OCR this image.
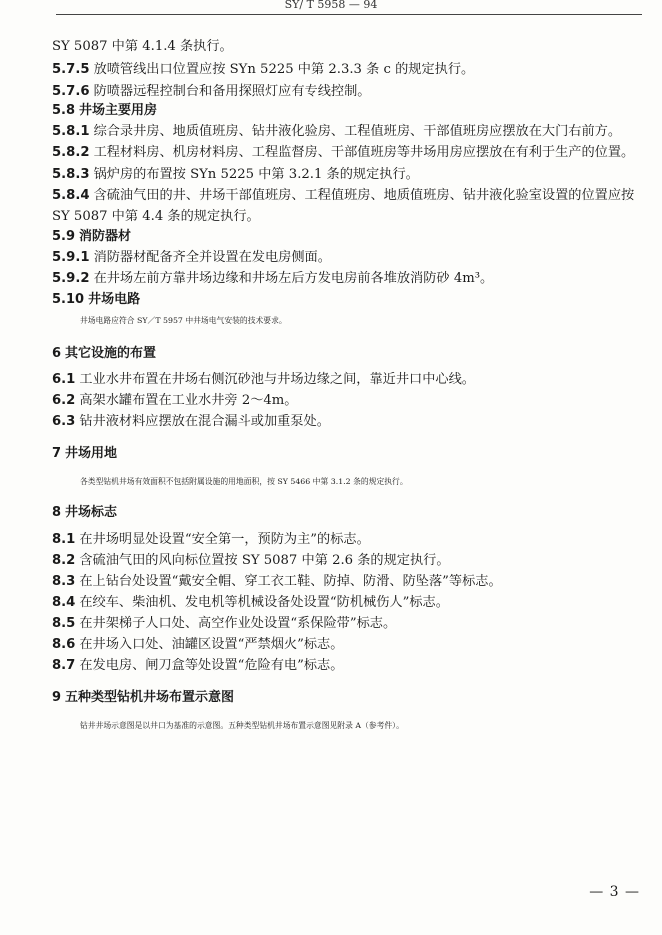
SY/ T 5958 — 94
SY 5087 中第 4.1.4 条执行。
5.7.5 放喷管线出口位置应按 SYn 5225 中第 2.3.3 条 c 的规定执行。
5.7.6 防喷器远程控制台和备用探照灯应有专线控制。
5.8 井场主要用房
5.8.1 综合录井房、地质值班房、钻井液化验房、工程值班房、干部值班房应摆放在大门右前方。
5.8.2 工程材料房、机房材料房、工程监督房、干部值班房等井场用房应摆放在有利于生产的位置。
5.8.3 锅炉房的布置按 SYn 5225 中第 3.2.1 条的规定执行。
5.8.4 含硫油气田的井、井场干部值班房、工程值班房、地质值班房、钻井液化验室设置的位置应按
SY 5087 中第 4.4 条的规定执行。
5.9 消防器材
5.9.1 消防器材配备齐全并设置在发电房侧面。
5.9.2 在井场左前方靠井场边缘和井场左后方发电房前各堆放消防砂 4m³。
5.10 井场电路
井场电路应符合 SY／T 5957 中井场电气安装的技术要求。
6 其它设施的布置
6.1 工业水井布置在井场右侧沉砂池与井场边缘之间，靠近井口中心线。
6.2 高架水罐布置在工业水井旁 2～4m。
6.3 钻井液材料应摆放在混合漏斗或加重泵处。
7 井场用地
各类型钻机井场有效面积不包括附属设施的用地面积，按 SY 5466 中第 3.1.2 条的规定执行。
8 井场标志
8.1 在井场明显处设置“安全第一，预防为主”的标志。
8.2 含硫油气田的风向标位置按 SY 5087 中第 2.6 条的规定执行。
8.3 在上钻台处设置“戴安全帽、穿工衣工鞋、防掉、防滑、防坠落”等标志。
8.4 在绞车、柴油机、发电机等机械设备处设置“防机械伤人”标志。
8.5 在井架梯子人口处、高空作业处设置“系保险带”标志。
8.6 在井场入口处、油罐区设置“严禁烟火”标志。
8.7 在发电房、闸刀盒等处设置“危险有电”标志。
9 五种类型钻机井场布置示意图
钻井井场示意图是以井口为基准的示意图。五种类型钻机井场布置示意图见附录 A（参考件）。
— 3 —
